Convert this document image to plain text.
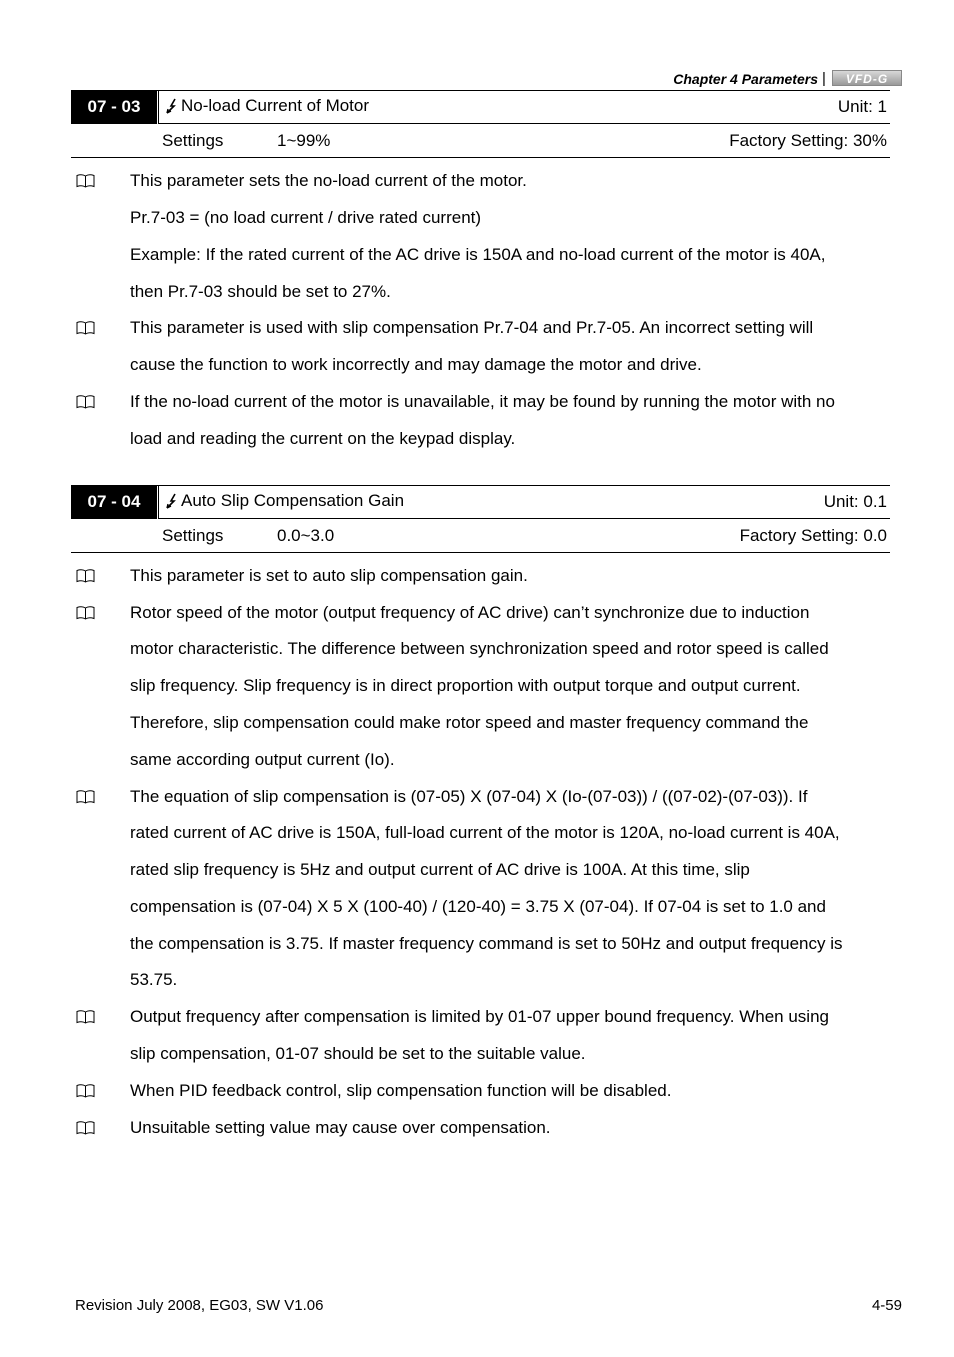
Chapter 4 Parameters |	VFD-G
07 - 03	No-load Current of Motor	Unit: 1
Settings	1~99%	Factory Setting: 30%
This parameter sets the no-load current of the motor.
Pr.7-03 = (no load current / drive rated current)
Example: If the rated current of the AC drive is 150A and no-load current of the motor is 40A,
then Pr.7-03 should be set to 27%.
This parameter is used with slip compensation Pr.7-04 and Pr.7-05. An incorrect setting will
cause the function to work incorrectly and may damage the motor and drive.
If the no-load current of the motor is unavailable, it may be found by running the motor with no
load and reading the current on the keypad display.
07 - 04	Auto Slip Compensation Gain	Unit: 0.1
Settings	0.0~3.0	Factory Setting: 0.0
This parameter is set to auto slip compensation gain.
Rotor speed of the motor (output frequency of AC drive) can’t synchronize due to induction
motor characteristic. The difference between synchronization speed and rotor speed is called
slip frequency. Slip frequency is in direct proportion with output torque and output current.
Therefore, slip compensation could make rotor speed and master frequency command the
same according output current (Io).
The equation of slip compensation is (07-05) X (07-04) X (Io-(07-03)) / ((07-02)-(07-03)). If
rated current of AC drive is 150A, full-load current of the motor is 120A, no-load current is 40A,
rated slip frequency is 5Hz and output current of AC drive is 100A. At this time, slip
compensation is (07-04) X 5 X (100-40) / (120-40) = 3.75 X (07-04). If 07-04 is set to 1.0 and
the compensation is 3.75. If master frequency command is set to 50Hz and output frequency is
53.75.
Output frequency after compensation is limited by 01-07 upper bound frequency. When using
slip compensation, 01-07 should be set to the suitable value.
When PID feedback control, slip compensation function will be disabled.
Unsuitable setting value may cause over compensation.
Revision July 2008, EG03, SW V1.06	4-59
